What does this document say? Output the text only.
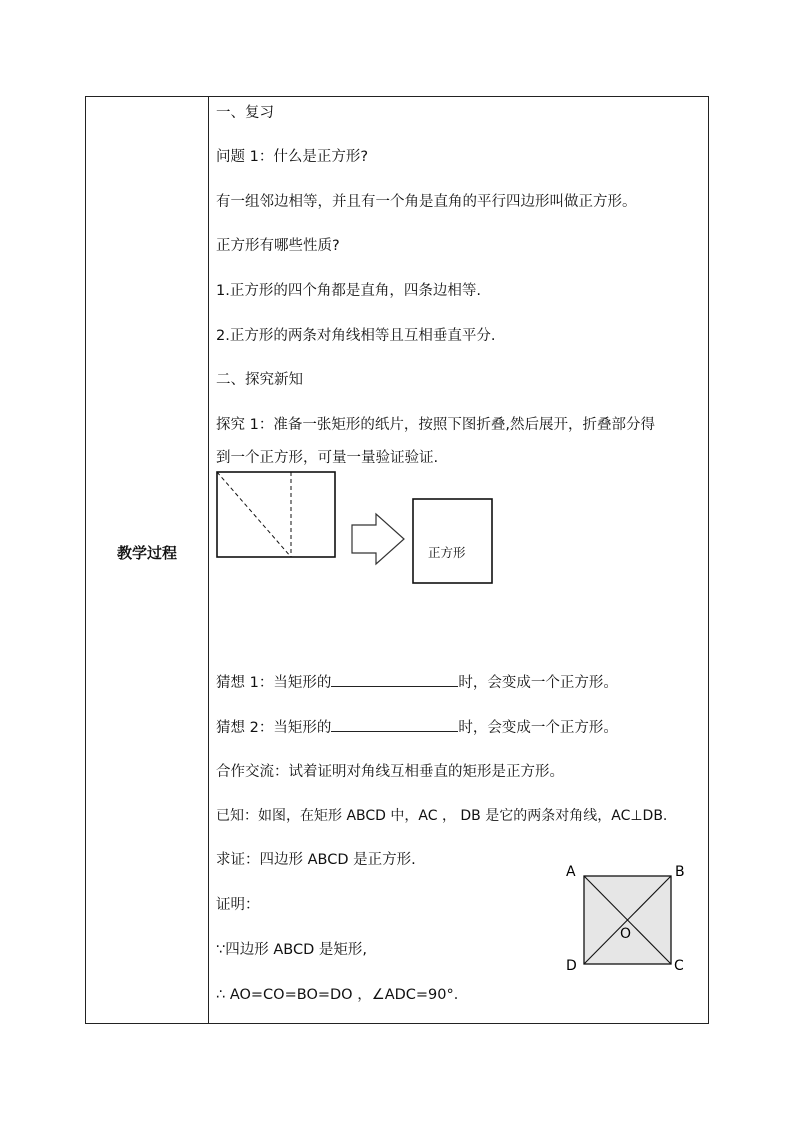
教学过程
一、复习
问题 1：什么是正方形?
有一组邻边相等，并且有一个角是直角的平行四边形叫做正方形。
正方形有哪些性质?
1.正方形的四个角都是直角，四条边相等.
2.正方形的两条对角线相等且互相垂直平分.
二、探究新知
探究 1：准备一张矩形的纸片，按照下图折叠,然后展开，折叠部分得
到一个正方形，可量一量验证验证.
正方形
猜想 1：当矩形的	时，会变成一个正方形。
猜想 2：当矩形的	时，会变成一个正方形。
合作交流：试着证明对角线互相垂直的矩形是正方形。
已知：如图，在矩形 ABCD 中，AC ， DB 是它的两条对角线，AC⊥DB.
求证：四边形 ABCD 是正方形.
证明：
∵四边形 ABCD 是矩形,
∴ AO=CO=BO=DO ，∠ADC=90°．
A	B
C
D
O
